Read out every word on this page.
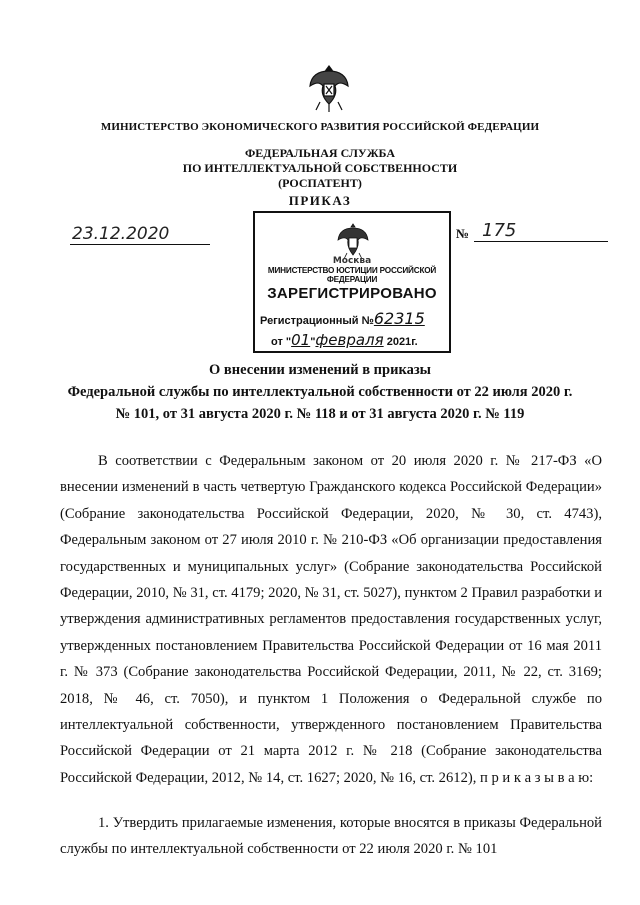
МИНИСТЕРСТВО ЭКОНОМИЧЕСКОГО РАЗВИТИЯ РОССИЙСКОЙ ФЕДЕРАЦИИ
ФЕДЕРАЛЬНАЯ СЛУЖБА
ПО ИНТЕЛЛЕКТУАЛЬНОЙ СОБСТВЕННОСТИ
(РОСПАТЕНТ)
ПРИКАЗ
23.12.2020	№ 175
Москва
МИНИСТЕРСТВО ЮСТИЦИИ РОССИЙСКОЙ ФЕДЕРАЦИИ
ЗАРЕГИСТРИРОВАНО
Регистрационный №62315
от "01"февраля 2021г.
О внесении изменений в приказы
Федеральной службы по интеллектуальной собственности от 22 июля 2020 г.
№ 101, от 31 августа 2020 г. № 118 и от 31 августа 2020 г. № 119
В соответствии с Федеральным законом от 20 июля 2020 г. № 217-ФЗ «О внесении изменений в часть четвертую Гражданского кодекса Российской Федерации» (Собрание законодательства Российской Федерации, 2020, № 30, ст. 4743), Федеральным законом от 27 июля 2010 г. № 210-ФЗ «Об организации предоставления государственных и муниципальных услуг» (Собрание законодательства Российской Федерации, 2010, № 31, ст. 4179; 2020, № 31, ст. 5027), пунктом 2 Правил разработки и утверждения административных регламентов предоставления государственных услуг, утвержденных постановлением Правительства Российской Федерации от 16 мая 2011 г. № 373 (Собрание законодательства Российской Федерации, 2011, № 22, ст. 3169; 2018, № 46, ст. 7050), и пунктом 1 Положения о Федеральной службе по интеллектуальной собственности, утвержденного постановлением Правительства Российской Федерации от 21 марта 2012 г. № 218 (Собрание законодательства Российской Федерации, 2012, № 14, ст. 1627; 2020, № 16, ст. 2612), п р и к а з ы в а ю:
1. Утвердить прилагаемые изменения, которые вносятся в приказы Федеральной службы по интеллектуальной собственности от 22 июля 2020 г. № 101
